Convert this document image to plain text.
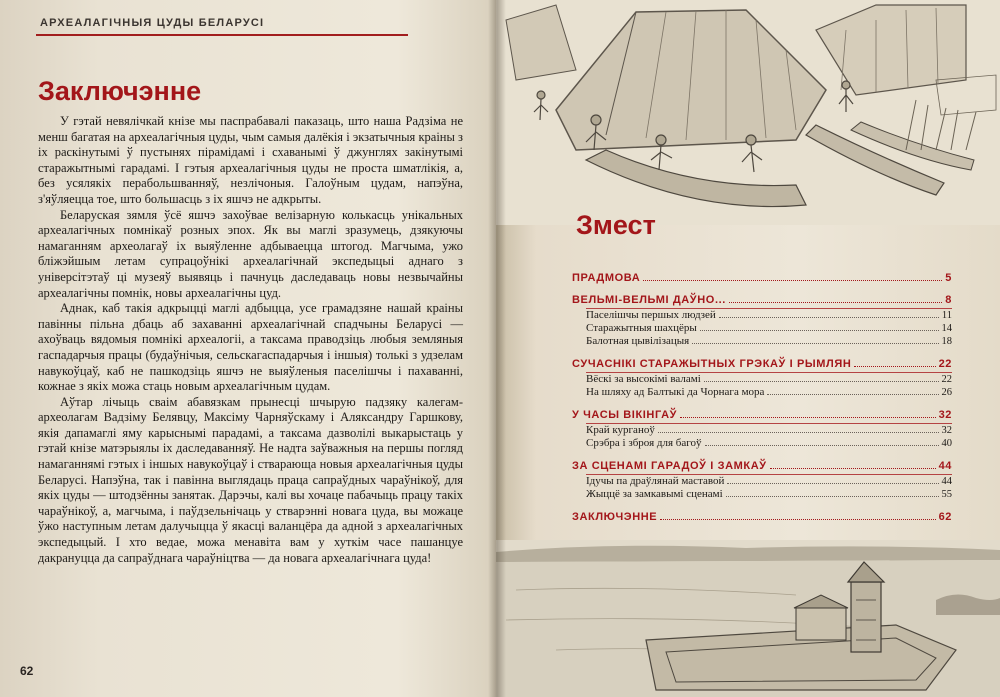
АРХЕАЛАГІЧНЫЯ ЦУДЫ БЕЛАРУСІ
Заключэнне

У гэтай невялічкай кнізе мы паспрабавалі паказаць, што наша Радзіма не менш багатая на археалагічныя цуды, чым самыя далёкія і экзатычныя краіны з іх раскінутымі ў пустынях пірамідамі і схаванымі ў джунглях закінутымі старажытнымі гарадамі. І гэтыя археалагічныя цуды не проста шматлікія, а, без усялякіх перабольшванняў, незлічоныя. Галоўным цудам, напэўна, з'яўляецца тое, што большасць з іх яшчэ не адкрыты.

Беларуская зямля ўсё яшчэ захоўвае велізарную колькасць унікальных археалагічных помнікаў розных эпох. Як вы маглі зразумець, дзякуючы намаганням археолагаў іх выяўленне адбываецца штогод. Магчыма, ужо бліжэйшым летам супрацоўнікі археалагічнай экспедыцыі аднаго з універсітэтаў ці музеяў выявяць і пачнуць даследаваць новы незвычайны археалагічны помнік, новы археалагічны цуд.

Аднак, каб такія адкрыцці маглі адбыцца, усе грамадзяне нашай краіны павінны пільна дбаць аб захаванні археалагічнай спадчыны Беларусі — ахоўваць вядомыя помнікі археалогіі, а таксама праводзіць любыя земляныя гаспадарчыя працы (будаўнічыя, сельскагаспадарчыя і іншыя) толькі з удзелам навукоўцаў, каб не пашкодзіць яшчэ не выяўленыя паселішчы і пахаванні, кожнае з якіх можа стаць новым археалагічным цудам.

Аўтар лічыць сваім абавязкам прынесці шчырую падзяку калегам-археолагам Вадзіму Белявцу, Максіму Чарняўскаму і Аляксандру Гаршкову, якія дапамаглі яму карыснымі парадамі, а таксама дазволілі выкарыстаць у гэтай кнізе матэрыялы іх даследаванняў. Не надта заўважныя на першы погляд намаганнямі гэтых і іншых навукоўцаў і стварающа новыя археалагічныя цуды Беларусі. Напэўна, так і павінна выглядаць праца сапраўдных чараўнікоў, для якіх цуды — штодзённы занятак. Дарэчы, калі вы хочаце пабачыць працу такіх чараўнікоў, а, магчыма, і паўдзельнічаць у стварэнні новага цуда, вы можаце ўжо наступным летам далучыцца ў якасці валанцёра да адной з археалагічных экспедыцый. І хто ведае, можа менавіта вам у хуткім часе пашанцуе дакрануцца да сапраўднага чараўніцтва — да новага археалагічнага цуда!

62
Змест
ПРАДМОВА	5
ВЕЛЬМІ-ВЕЛЬМІ ДАЎНО...	8
Паселішчы першых людзей	11
Старажытныя шахцёры	14
Балотная цывілізацыя	18
СУЧАСНІКІ СТАРАЖЫТНЫХ ГРЭКАЎ І РЫМЛЯН	22
Вёскі за высокімі валамі	22
На шляху ад Балтыкі да Чорнага мора	26
У ЧАСЫ ВІКІНГАЎ	32
Край курганоў	32
Срэбра і зброя для багоў	40
ЗА СЦЕНАМІ ГАРАДОЎ І ЗАМКАЎ	44
Ідучы па драўлянай маставой	44
Жыццё за замкавымі сценамі	55
ЗАКЛЮЧЭННЕ	62
